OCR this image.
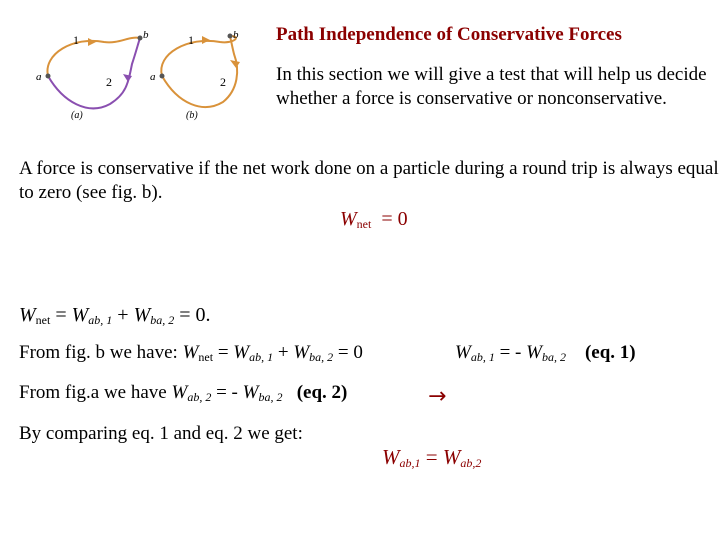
Path Independence of Conservative Forces
1
2
a
b
(a)
1
2
a
b
(b)
In this section we will give a test that will help us decide whether a force is conservative or nonconservative.
A force is conservative if the net work done on a particle during a round trip is always equal to zero (see fig. b).
$W_{net} = 0$
$W_{net} = W_{ab, 1} + W_{ba, 2} = 0$.
From fig. b we have: $W_{net} = W_{ab, 1} + W_{ba, 2} = 0$	$W_{ab, 1}$ = - $W_{ba, 2}$ (eq. 1)
From fig.a we have $W_{ab, 2}$ = - $W_{ba, 2}$ (eq. 2)	→
By comparing eq. 1 and eq. 2 we get:
$W_{ab,1} = W_{ab,2}$
